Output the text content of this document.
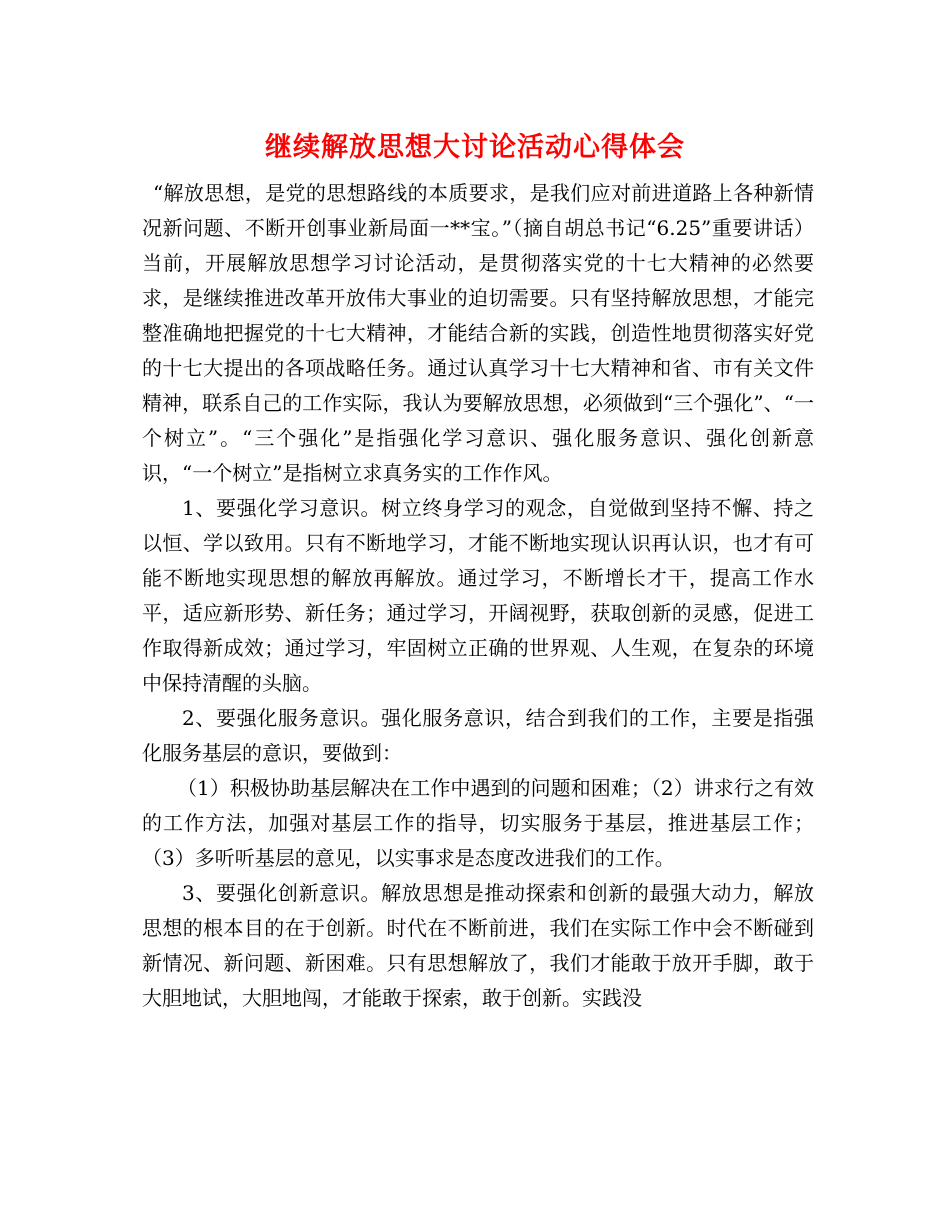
继续解放思想大讨论活动心得体会

“解放思想，是党的思想路线的本质要求，是我们应对前进道路上各种新情况新问题、不断开创事业新局面一**宝。”（摘自胡总书记“6.25”重要讲话）当前，开展解放思想学习讨论活动，是贯彻落实党的十七大精神的必然要求，是继续推进改革开放伟大事业的迫切需要。只有坚持解放思想，才能完整准确地把握党的十七大精神，才能结合新的实践，创造性地贯彻落实好党的十七大提出的各项战略任务。通过认真学习十七大精神和省、市有关文件精神，联系自己的工作实际，我认为要解放思想，必须做到“三个强化”、“一个树立”。“三个强化”是指强化学习意识、强化服务意识、强化创新意识，“一个树立”是指树立求真务实的工作作风。

1、要强化学习意识。树立终身学习的观念，自觉做到坚持不懈、持之以恒、学以致用。只有不断地学习，才能不断地实现认识再认识，也才有可能不断地实现思想的解放再解放。通过学习，不断增长才干，提高工作水平，适应新形势、新任务；通过学习，开阔视野，获取创新的灵感，促进工作取得新成效；通过学习，牢固树立正确的世界观、人生观，在复杂的环境中保持清醒的头脑。

2、要强化服务意识。强化服务意识，结合到我们的工作，主要是指强化服务基层的意识，要做到：

（1）积极协助基层解决在工作中遇到的问题和困难；（2）讲求行之有效的工作方法，加强对基层工作的指导，切实服务于基层，推进基层工作；（3）多听听基层的意见，以实事求是态度改进我们的工作。

3、要强化创新意识。解放思想是推动探索和创新的最强大动力，解放思想的根本目的在于创新。时代在不断前进，我们在实际工作中会不断碰到新情况、新问题、新困难。只有思想解放了，我们才能敢于放开手脚，敢于大胆地试，大胆地闯，才能敢于探索，敢于创新。实践没
